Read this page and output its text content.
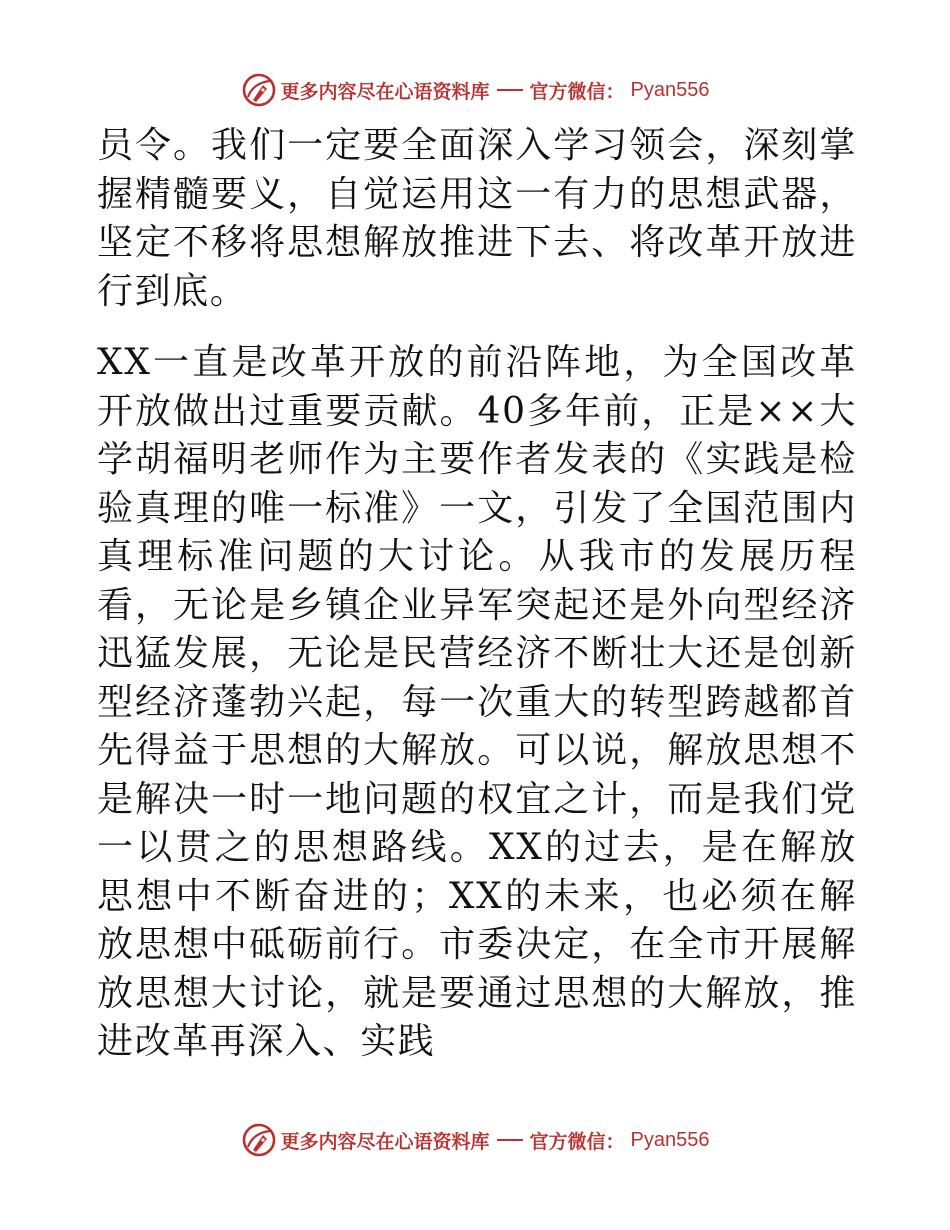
更多内容尽在心语资料库 官方微信： Pyan556

员令。我们一定要全面深入学习领会，深刻掌握精髓要义，自觉运用这一有力的思想武器，坚定不移将思想解放推进下去、将改革开放进行到底。

XX一直是改革开放的前沿阵地，为全国改革开放做出过重要贡献。40多年前，正是××大学胡福明老师作为主要作者发表的《实践是检验真理的唯一标准》一文，引发了全国范围内真理标准问题的大讨论。从我市的发展历程看，无论是乡镇企业异军突起还是外向型经济迅猛发展，无论是民营经济不断壮大还是创新型经济蓬勃兴起，每一次重大的转型跨越都首先得益于思想的大解放。可以说，解放思想不是解决一时一地问题的权宜之计，而是我们党一以贯之的思想路线。XX的过去，是在解放思想中不断奋进的；XX的未来，也必须在解放思想中砥砺前行。市委决定，在全市开展解放思想大讨论，就是要通过思想的大解放，推进改革再深入、实践

更多内容尽在心语资料库 官方微信： Pyan556
